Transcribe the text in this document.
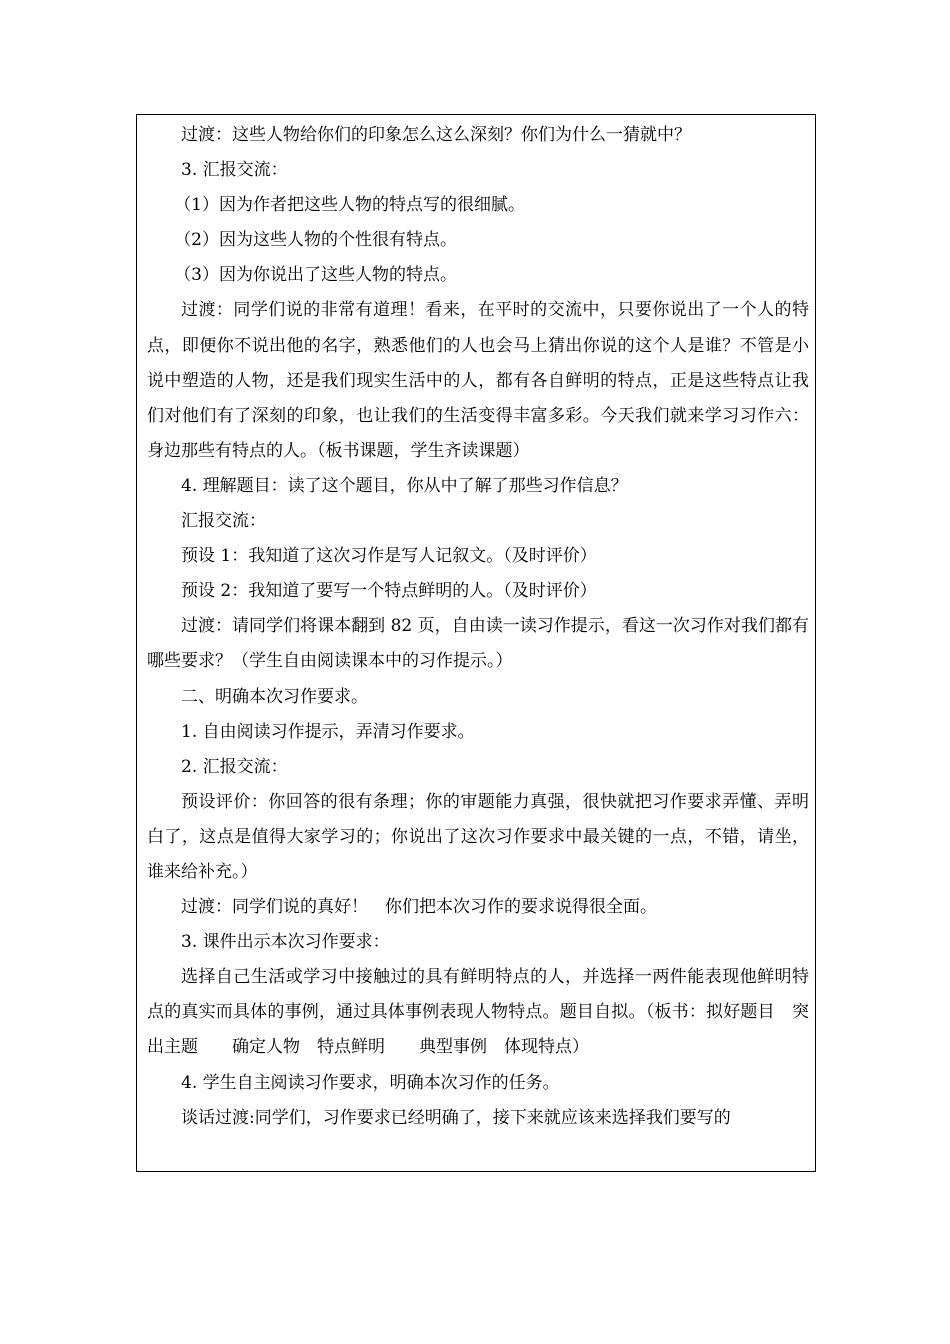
过渡：这些人物给你们的印象怎么这么深刻？你们为什么一猜就中？

3. 汇报交流：

（1）因为作者把这些人物的特点写的很细腻。

（2）因为这些人物的个性很有特点。

（3）因为你说出了这些人物的特点。

过渡：同学们说的非常有道理！看来，在平时的交流中，只要你说出了一个人的特点，即便你不说出他的名字，熟悉他们的人也会马上猜出你说的这个人是谁？不管是小说中塑造的人物，还是我们现实生活中的人，都有各自鲜明的特点，正是这些特点让我们对他们有了深刻的印象，也让我们的生活变得丰富多彩。今天我们就来学习习作六：身边那些有特点的人。（板书课题，学生齐读课题）

4. 理解题目：读了这个题目，你从中了解了那些习作信息？

汇报交流：

预设 1：我知道了这次习作是写人记叙文。（及时评价）

预设 2：我知道了要写一个特点鲜明的人。（及时评价）

过渡：请同学们将课本翻到 82 页，自由读一读习作提示，看这一次习作对我们都有哪些要求？（学生自由阅读课本中的习作提示。）

二、明确本次习作要求。

1. 自由阅读习作提示，弄清习作要求。

2. 汇报交流：

预设评价：你回答的很有条理；你的审题能力真强，很快就把习作要求弄懂、弄明白了，这点是值得大家学习的；你说出了这次习作要求中最关键的一点，不错，请坐，谁来给补充。）

过渡：同学们说的真好！　你们把本次习作的要求说得很全面。

3. 课件出示本次习作要求：

选择自己生活或学习中接触过的具有鲜明特点的人，并选择一两件能表现他鲜明特点的真实而具体的事例，通过具体事例表现人物特点。题目自拟。（板书：拟好题目　突出主题　　确定人物　特点鲜明　　典型事例　体现特点）

4. 学生自主阅读习作要求，明确本次习作的任务。

谈话过渡:同学们，习作要求已经明确了，接下来就应该来选择我们要写的
